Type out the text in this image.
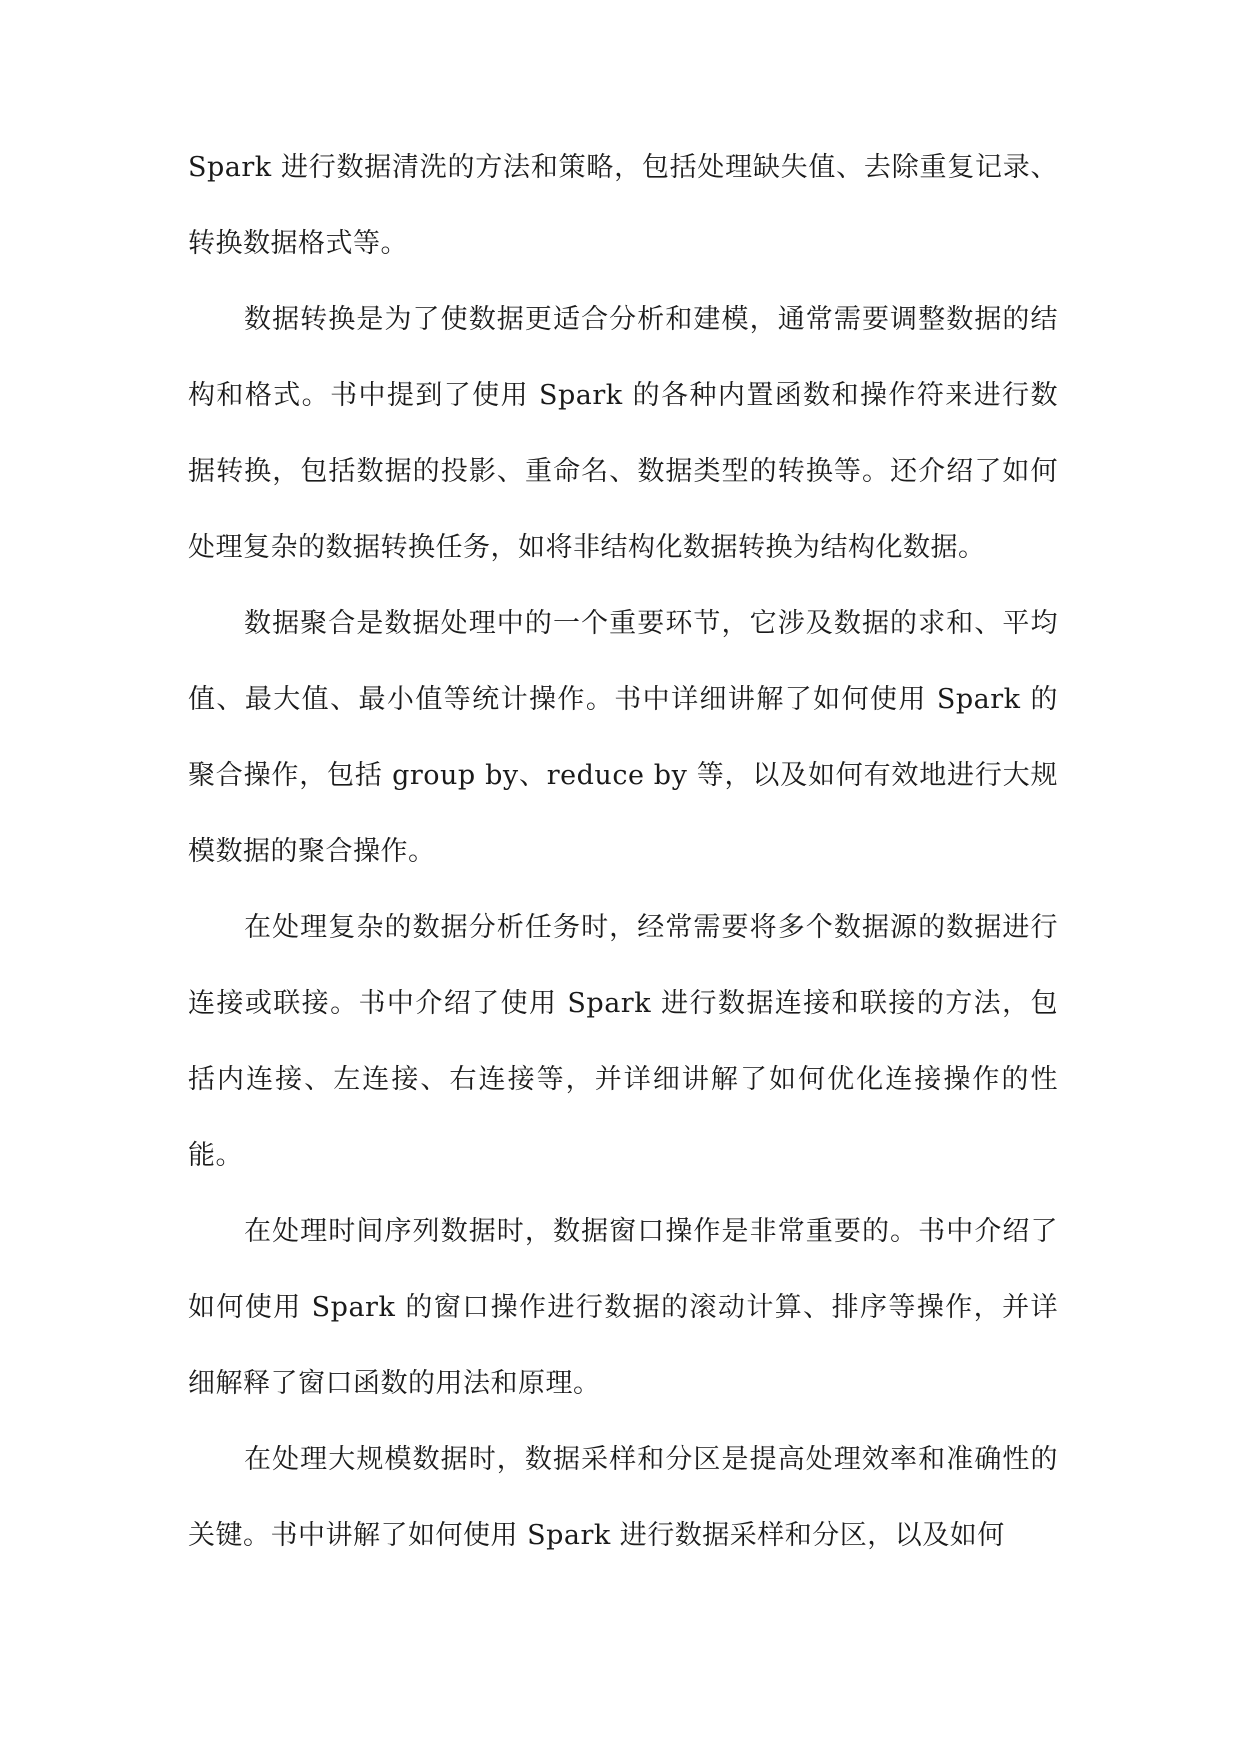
Spark 进行数据清洗的方法和策略，包括处理缺失值、去除重复记录、转换数据格式等。

数据转换是为了使数据更适合分析和建模，通常需要调整数据的结构和格式。书中提到了使用 Spark 的各种内置函数和操作符来进行数据转换，包括数据的投影、重命名、数据类型的转换等。还介绍了如何处理复杂的数据转换任务，如将非结构化数据转换为结构化数据。

数据聚合是数据处理中的一个重要环节，它涉及数据的求和、平均值、最大值、最小值等统计操作。书中详细讲解了如何使用 Spark 的聚合操作，包括 group by、reduce by 等，以及如何有效地进行大规模数据的聚合操作。

在处理复杂的数据分析任务时，经常需要将多个数据源的数据进行连接或联接。书中介绍了使用 Spark 进行数据连接和联接的方法，包括内连接、左连接、右连接等，并详细讲解了如何优化连接操作的性能。

在处理时间序列数据时，数据窗口操作是非常重要的。书中介绍了如何使用 Spark 的窗口操作进行数据的滚动计算、排序等操作，并详细解释了窗口函数的用法和原理。

在处理大规模数据时，数据采样和分区是提高处理效率和准确性的关键。书中讲解了如何使用 Spark 进行数据采样和分区，以及如何
